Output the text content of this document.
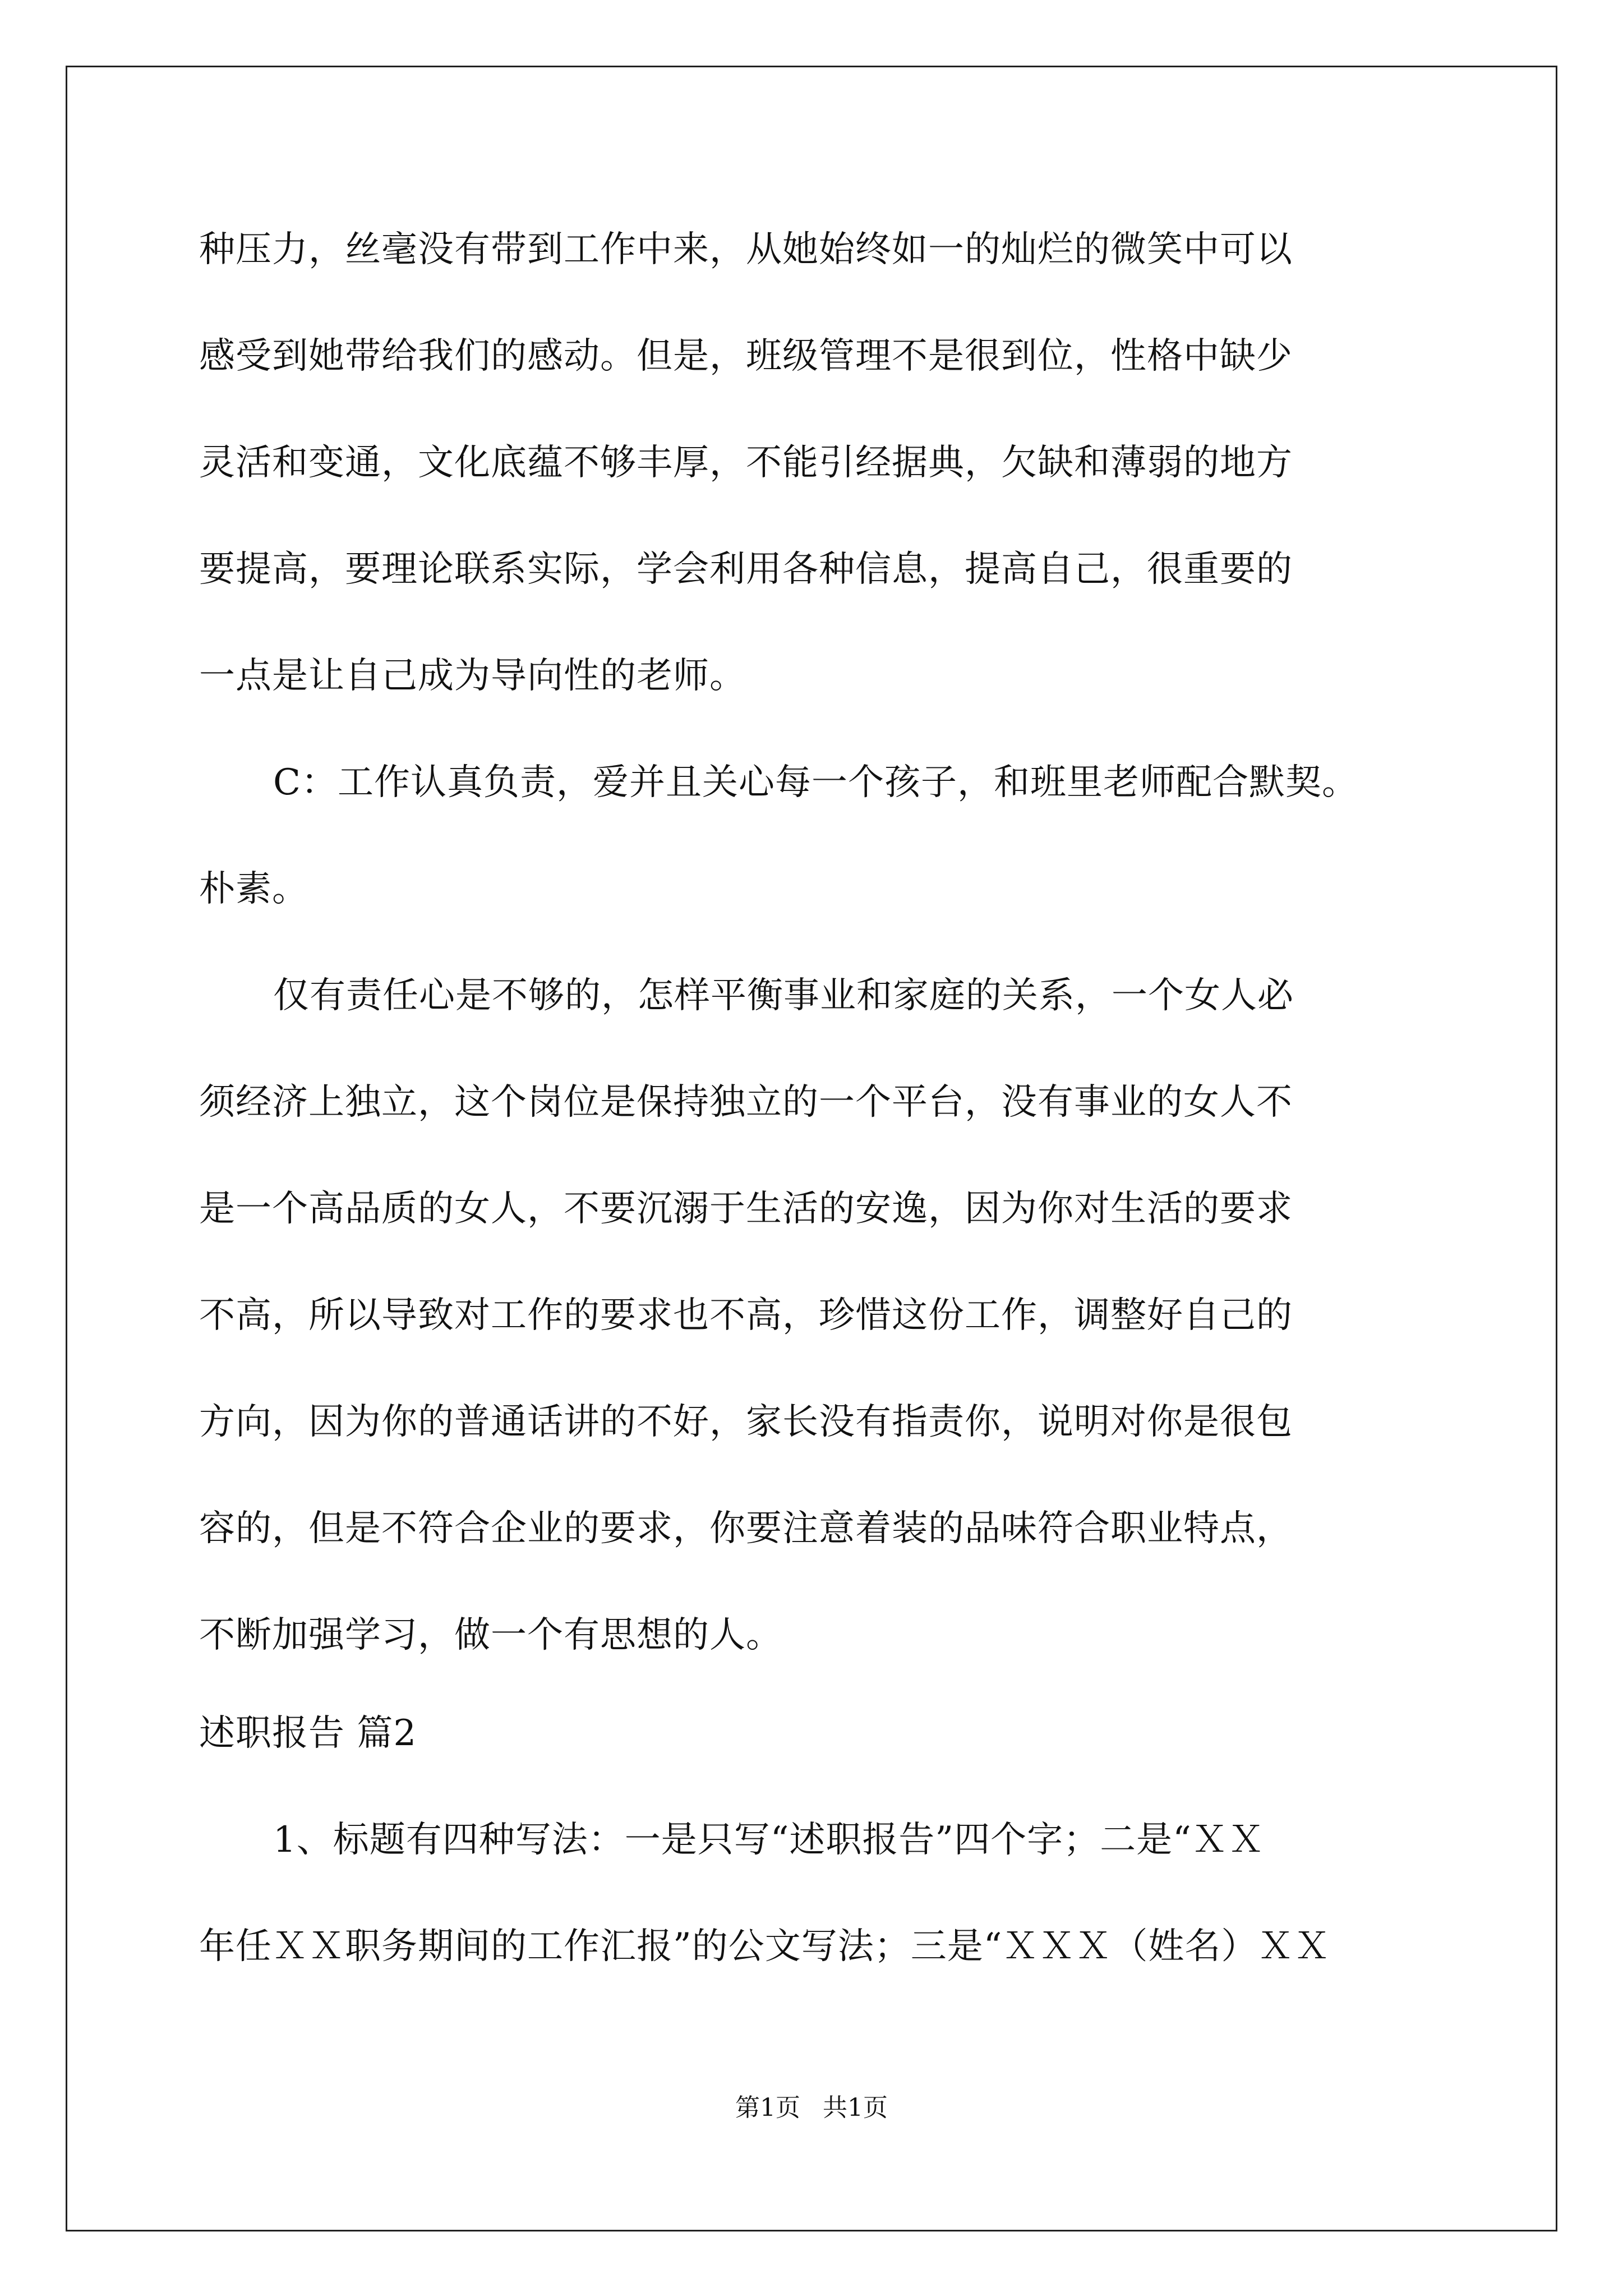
种压力，丝毫没有带到工作中来，从她始终如一的灿烂的微笑中可以
感受到她带给我们的感动。但是，班级管理不是很到位，性格中缺少
灵活和变通，文化底蕴不够丰厚，不能引经据典，欠缺和薄弱的地方
要提高，要理论联系实际，学会利用各种信息，提高自己，很重要的
一点是让自己成为导向性的老师。
C：工作认真负责，爱并且关心每一个孩子，和班里老师配合默契。
朴素。
仅有责任心是不够的，怎样平衡事业和家庭的关系，一个女人必
须经济上独立，这个岗位是保持独立的一个平台，没有事业的女人不
是一个高品质的女人，不要沉溺于生活的安逸，因为你对生活的要求
不高，所以导致对工作的要求也不高，珍惜这份工作，调整好自己的
方向，因为你的普通话讲的不好，家长没有指责你，说明对你是很包
容的，但是不符合企业的要求，你要注意着装的品味符合职业特点，
不断加强学习，做一个有思想的人。
述职报告 篇2
1、标题有四种写法：一是只写“述职报告”四个字；二是“ＸＸ
年任ＸＸ职务期间的工作汇报”的公文写法；三是“ＸＸＸ（姓名）ＸＸ
第1页 共1页
